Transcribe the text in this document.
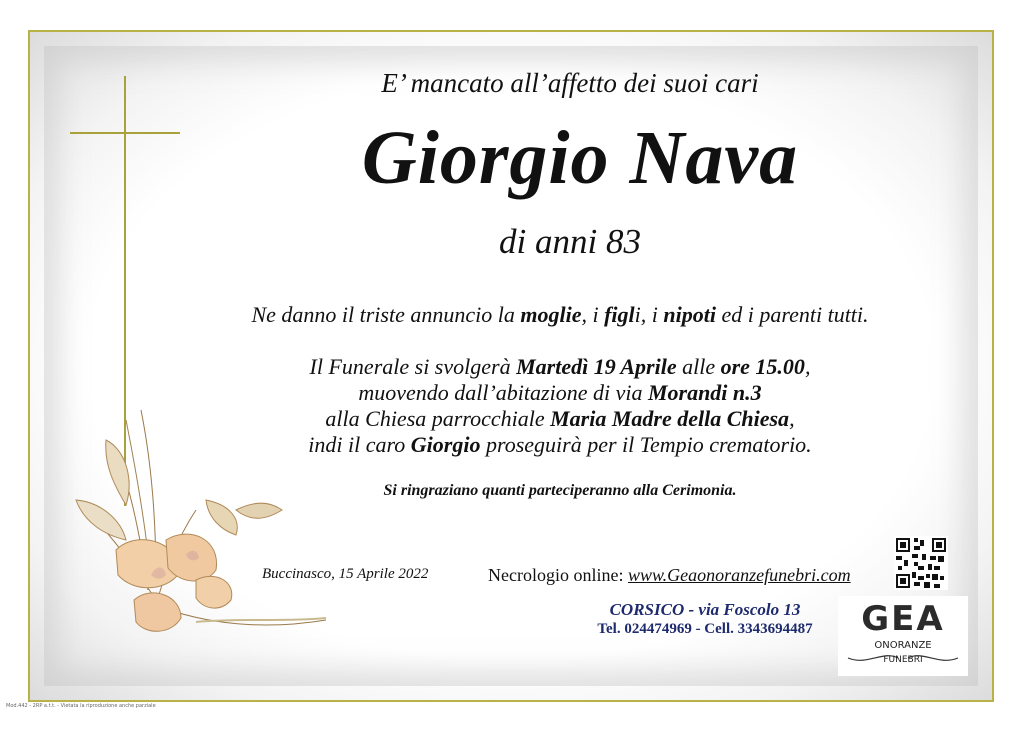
E’ mancato all’affetto dei suoi cari
Giorgio Nava
di anni 83
Ne danno il triste annuncio la moglie, i figli, i nipoti ed i parenti tutti.
Il Funerale si svolgerà Martedì 19 Aprile alle ore 15.00,
muovendo dall’abitazione di via Morandi n.3
alla Chiesa parrocchiale Maria Madre della Chiesa,
indi il caro Giorgio proseguirà per il Tempio crematorio.
Si ringraziano quanti parteciperanno alla Cerimonia.
Buccinasco, 15 Aprile 2022	Necrologio online: www.Geaonoranzefunebri.com
CORSICO - via Foscolo 13
Tel. 024474969 - Cell. 3343694487	GEA
ONORANZE
FUNEBRI
Mod.442 - 2RP a.t.t. - Vietata la riproduzione anche parziale
